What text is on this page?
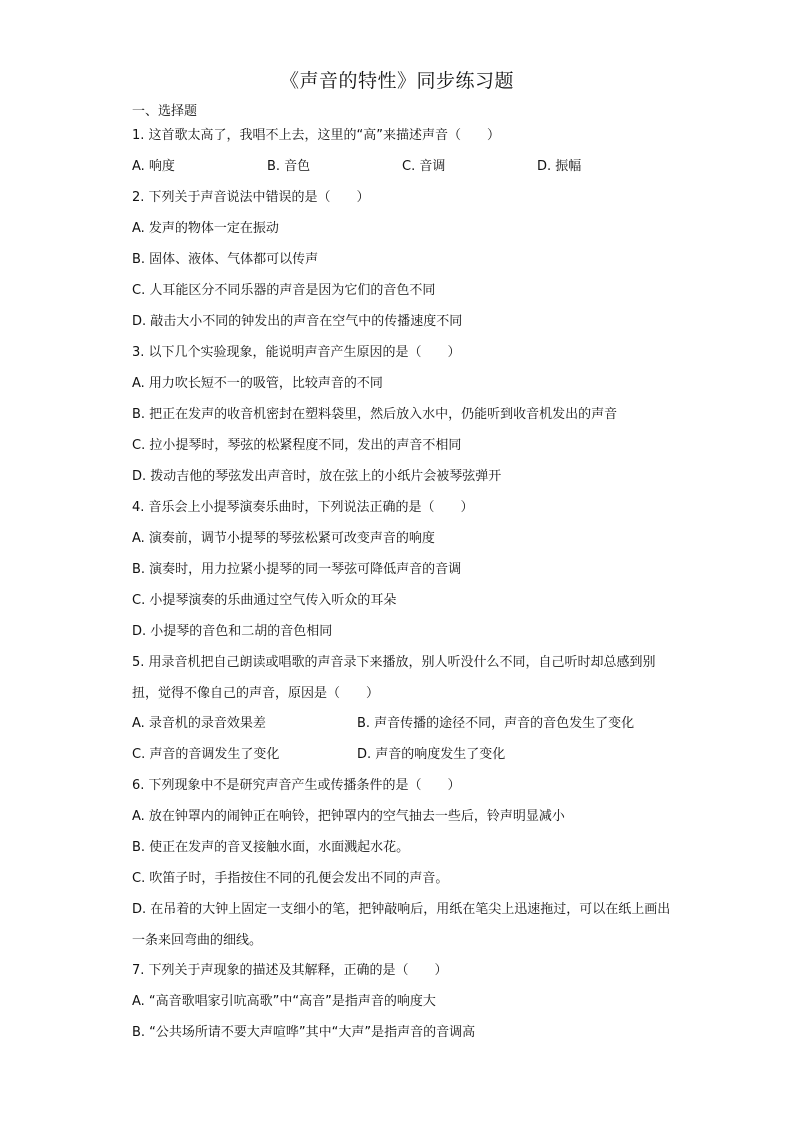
《声音的特性》同步练习题
一、选择题
1. 这首歌太高了，我唱不上去，这里的“高”来描述声音（　　）
A. 响度	B. 音色	C. 音调	D. 振幅
2. 下列关于声音说法中错误的是（　　）
A. 发声的物体一定在振动
B. 固体、液体、气体都可以传声
C. 人耳能区分不同乐器的声音是因为它们的音色不同
D. 敲击大小不同的钟发出的声音在空气中的传播速度不同
3. 以下几个实验现象，能说明声音产生原因的是（　　）
A. 用力吹长短不一的吸管，比较声音的不同
B. 把正在发声的收音机密封在塑料袋里，然后放入水中，仍能听到收音机发出的声音
C. 拉小提琴时，琴弦的松紧程度不同，发出的声音不相同
D. 拨动吉他的琴弦发出声音时，放在弦上的小纸片会被琴弦弹开
4. 音乐会上小提琴演奏乐曲时，下列说法正确的是（　　）
A. 演奏前，调节小提琴的琴弦松紧可改变声音的响度
B. 演奏时，用力拉紧小提琴的同一琴弦可降低声音的音调
C. 小提琴演奏的乐曲通过空气传入听众的耳朵
D. 小提琴的音色和二胡的音色相同
5. 用录音机把自己朗读或唱歌的声音录下来播放，别人听没什么不同，自己听时却总感到别扭，觉得不像自己的声音，原因是（　　）
A. 录音机的录音效果差	B. 声音传播的途径不同，声音的音色发生了变化
C. 声音的音调发生了变化	D. 声音的响度发生了变化
6. 下列现象中不是研究声音产生或传播条件的是（　　）
A. 放在钟罩内的闹钟正在响铃，把钟罩内的空气抽去一些后，铃声明显减小
B. 使正在发声的音叉接触水面，水面溅起水花。
C. 吹笛子时，手指按住不同的孔便会发出不同的声音。
D. 在吊着的大钟上固定一支细小的笔，把钟敲响后，用纸在笔尖上迅速拖过，可以在纸上画出一条来回弯曲的细线。
7. 下列关于声现象的描述及其解释，正确的是（　　）
A. “高音歌唱家引吭高歌”中“高音”是指声音的响度大
B. “公共场所请不要大声喧哗”其中“大声”是指声音的音调高
